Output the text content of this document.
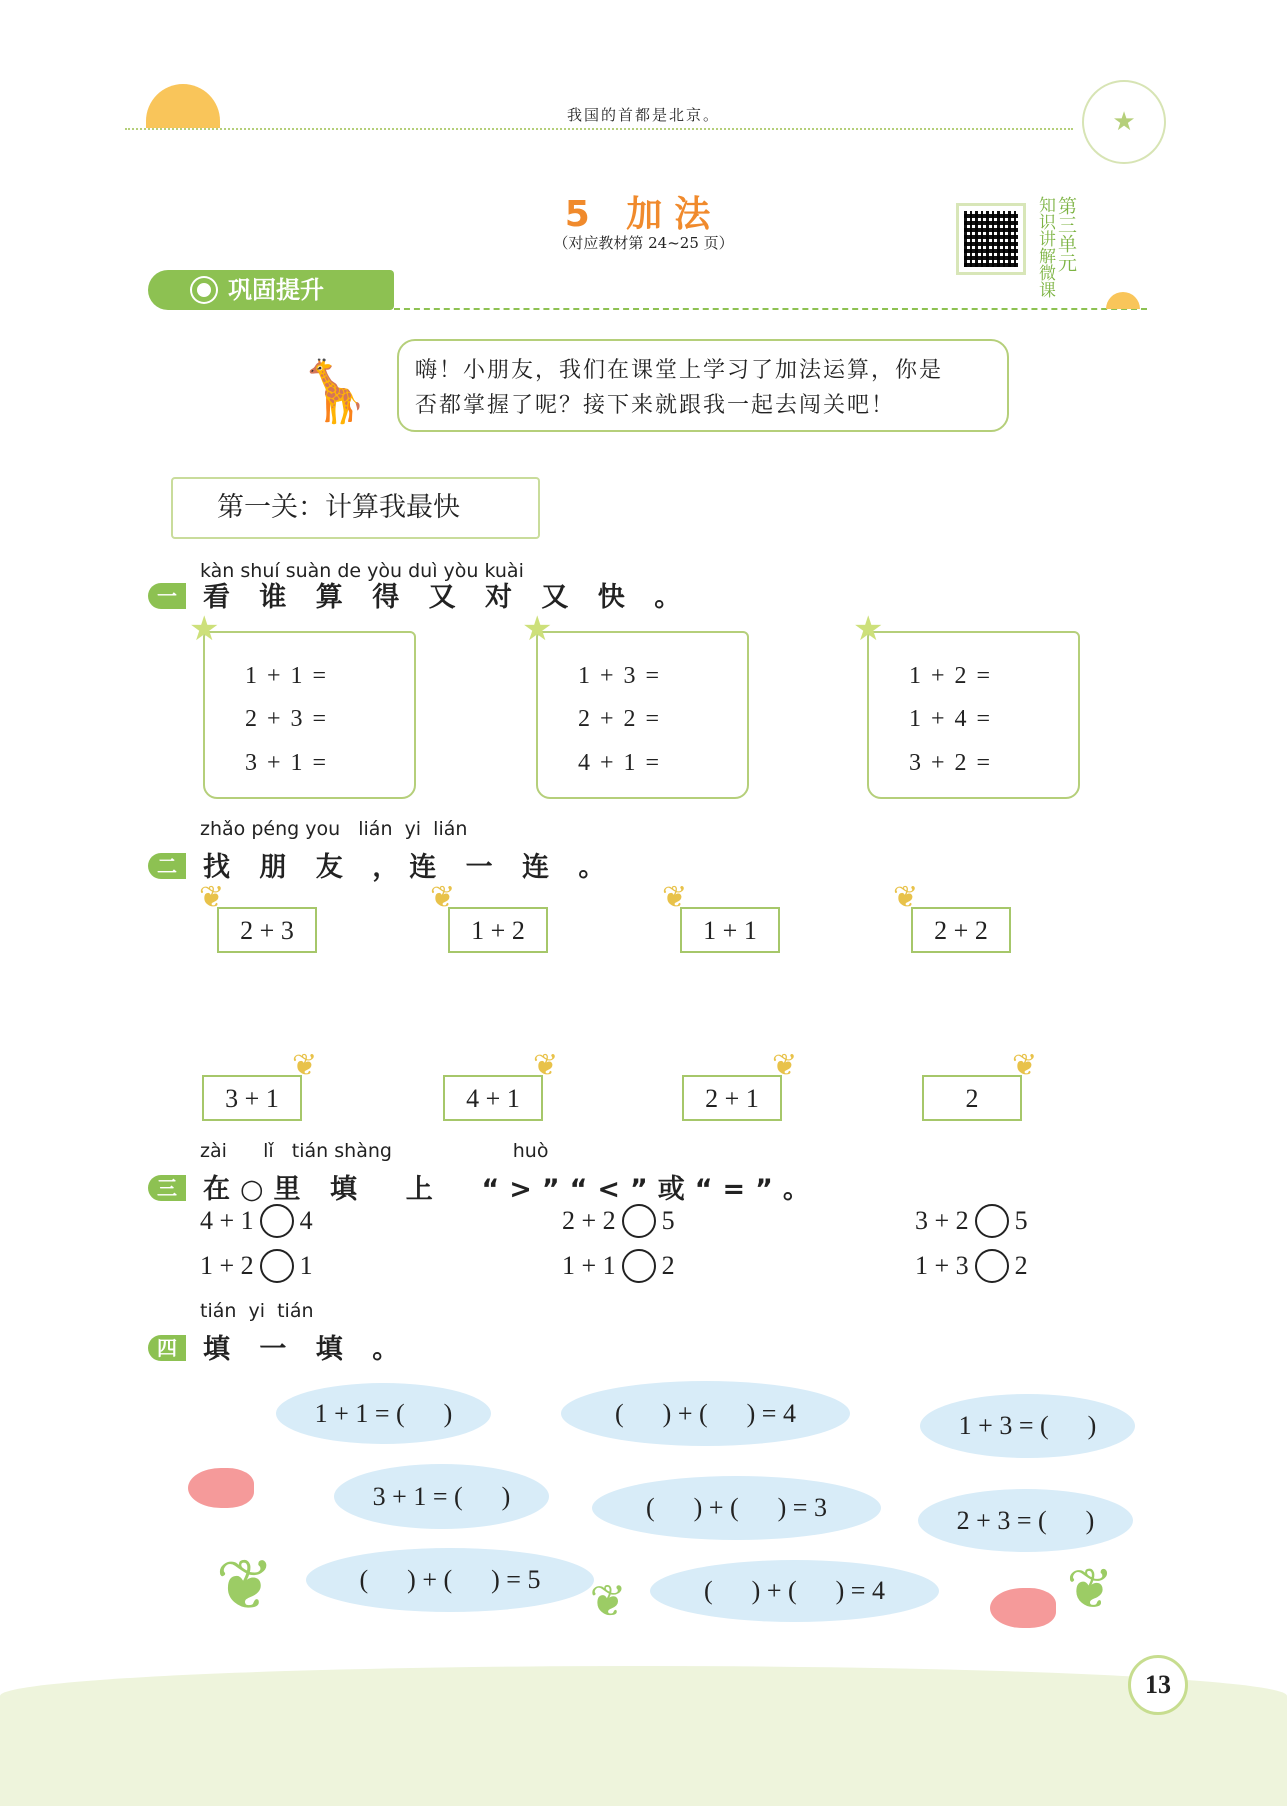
★
我国的首都是北京。
5 加法
（对应教材第 24~25 页）	知识讲解微课 第三单元
巩固提升
🦒 嗨！小朋友，我们在课堂上学习了加法运算，你是
否都掌握了呢？接下来就跟我一起去闯关吧！
第一关：计算我最快
kàn shuí suàn de yòu duì yòu kuài
一 看 谁 算 得 又 对 又 快 。
zhǎo péng you   lián  yi  lián
二 找 朋 友 ，连 一 连 。
zài      lǐ   tián shàng                    huò
三 在○里 填  上  “>”“<”或“=”。
tián  yi  tián
四 填 一 填 。
2 + 3
❦
1 + 2
❦
1 + 1
❦
2 + 2
❦
3 + 1
❦
4 + 1
❦
2 + 1
❦
2
❦
4 + 1 4	2 + 2 5	3 + 2 5
1 + 2 1	1 + 1 2	1 + 3 2
1 + 1 = (      )	(      ) + (      ) = 4	1 + 3 = (      )
3 + 1 = (      )	(      ) + (      ) = 3	2 + 3 = (      )
(      ) + (      ) = 5	(      ) + (      ) = 4
❦	❦	❦
13
★
1 + 1 =
2 + 3 =
3 + 1 =
★
1 + 3 =
2 + 2 =
4 + 1 =
★
1 + 2 =
1 + 4 =
3 + 2 =
